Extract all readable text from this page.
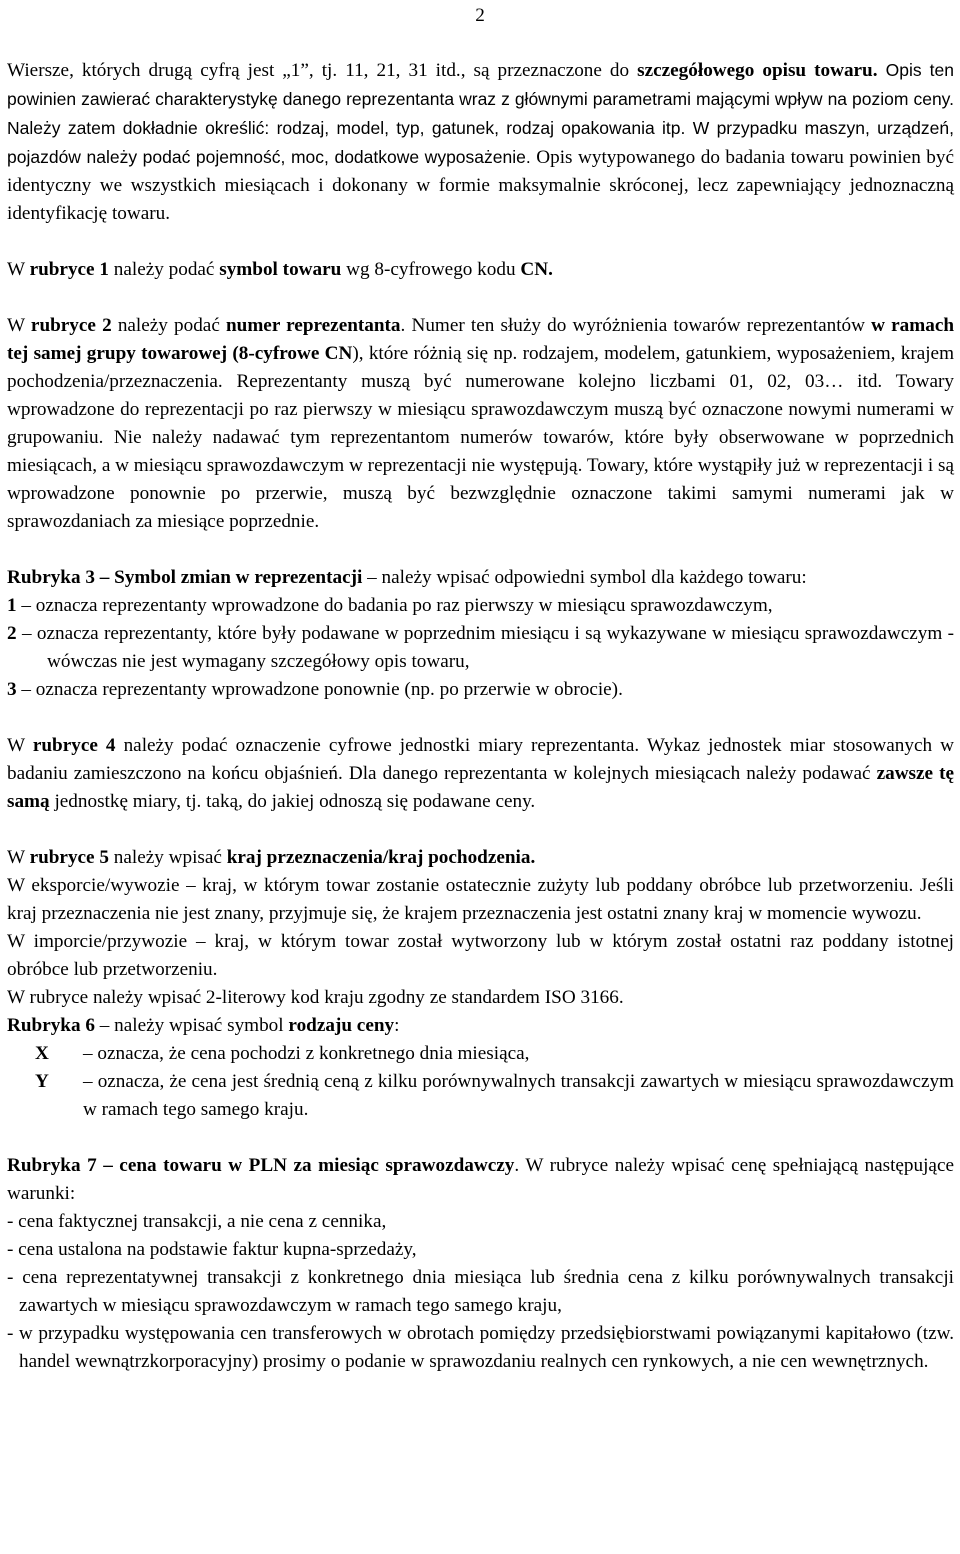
2

Wiersze, których drugą cyfrą jest „1”, tj. 11, 21, 31 itd., są przeznaczone do szczegółowego opisu towaru. Opis ten powinien zawierać charakterystykę danego reprezentanta wraz z głównymi parametrami mającymi wpływ na poziom ceny. Należy zatem dokładnie określić: rodzaj, model, typ, gatunek, rodzaj opakowania itp. W przypadku maszyn, urządzeń, pojazdów należy podać pojemność, moc, dodatkowe wyposażenie. Opis wytypowanego do badania towaru powinien być identyczny we wszystkich miesiącach i dokonany w formie maksymalnie skróconej, lecz zapewniający jednoznaczną identyfikację towaru.

W rubryce 1 należy podać symbol towaru wg 8-cyfrowego kodu CN.

W rubryce 2 należy podać numer reprezentanta. Numer ten służy do wyróżnienia towarów reprezentantów w ramach tej samej grupy towarowej (8-cyfrowe CN), które różnią się np. rodzajem, modelem, gatunkiem, wyposażeniem, krajem pochodzenia/przeznaczenia. Reprezentanty muszą być numerowane kolejno liczbami 01, 02, 03… itd. Towary wprowadzone do reprezentacji po raz pierwszy w miesiącu sprawozdawczym muszą być oznaczone nowymi numerami w grupowaniu. Nie należy nadawać tym reprezentantom numerów towarów, które były obserwowane w poprzednich miesiącach, a w miesiącu sprawozdawczym w reprezentacji nie występują. Towary, które wystąpiły już w reprezentacji i są wprowadzone ponownie po przerwie, muszą być bezwzględnie oznaczone takimi samymi numerami jak w sprawozdaniach za miesiące poprzednie.

Rubryka 3 – Symbol zmian w reprezentacji – należy wpisać odpowiedni symbol dla każdego towaru:

1 – oznacza reprezentanty wprowadzone do badania po raz pierwszy w miesiącu sprawozdawczym,

2 – oznacza reprezentanty, które były podawane w poprzednim miesiącu i są wykazywane w miesiącu sprawozdawczym - wówczas nie jest wymagany szczegółowy opis towaru,

3 – oznacza reprezentanty wprowadzone ponownie (np. po przerwie w obrocie).

W rubryce 4 należy podać oznaczenie cyfrowe jednostki miary reprezentanta. Wykaz jednostek miar stosowanych w badaniu zamieszczono na końcu objaśnień. Dla danego reprezentanta w kolejnych miesiącach należy podawać zawsze tę samą jednostkę miary, tj. taką, do jakiej odnoszą się podawane ceny.

W rubryce 5 należy wpisać kraj przeznaczenia/kraj pochodzenia.

W eksporcie/wywozie – kraj, w którym towar zostanie ostatecznie zużyty lub poddany obróbce lub przetworzeniu. Jeśli kraj przeznaczenia nie jest znany, przyjmuje się, że krajem przeznaczenia jest ostatni znany kraj w momencie wywozu.

W imporcie/przywozie – kraj, w którym towar został wytworzony lub w którym został ostatni raz poddany istotnej obróbce lub przetworzeniu.

W rubryce należy wpisać 2-literowy kod kraju zgodny ze standardem ISO 3166.

Rubryka 6 – należy wpisać symbol rodzaju ceny:

X	– oznacza, że cena pochodzi z konkretnego dnia miesiąca,
Y	– oznacza, że cena jest średnią ceną z kilku porównywalnych transakcji zawartych w miesiącu sprawozdawczym w ramach tego samego kraju.

Rubryka 7 – cena towaru w PLN za miesiąc sprawozdawczy. W rubryce należy wpisać cenę spełniającą następujące warunki:

- cena faktycznej transakcji, a nie cena z cennika,

- cena ustalona na podstawie faktur kupna-sprzedaży,

- cena reprezentatywnej transakcji z konkretnego dnia miesiąca lub średnia cena z kilku porównywalnych transakcji zawartych w miesiącu sprawozdawczym w ramach tego samego kraju,

- w przypadku występowania cen transferowych w obrotach pomiędzy przedsiębiorstwami powiązanymi kapitałowo (tzw. handel wewnątrzkorporacyjny) prosimy o podanie w sprawozdaniu realnych cen rynkowych, a nie cen wewnętrznych.
